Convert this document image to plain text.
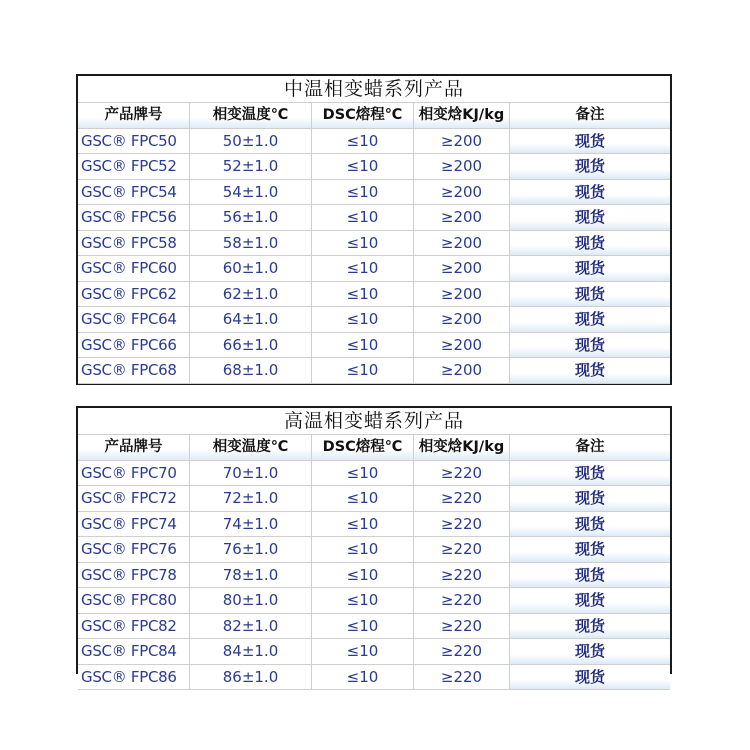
中温相变蜡系列产品
产品牌号	相变温度℃	DSC熔程℃	相变焓KJ/kg	备注
GSC® FPC50	50±1.0	≤10	≥200	现货
GSC® FPC52	52±1.0	≤10	≥200	现货
GSC® FPC54	54±1.0	≤10	≥200	现货
GSC® FPC56	56±1.0	≤10	≥200	现货
GSC® FPC58	58±1.0	≤10	≥200	现货
GSC® FPC60	60±1.0	≤10	≥200	现货
GSC® FPC62	62±1.0	≤10	≥200	现货
GSC® FPC64	64±1.0	≤10	≥200	现货
GSC® FPC66	66±1.0	≤10	≥200	现货
GSC® FPC68	68±1.0	≤10	≥200	现货
高温相变蜡系列产品
产品牌号	相变温度℃	DSC熔程℃	相变焓KJ/kg	备注
GSC® FPC70	70±1.0	≤10	≥220	现货
GSC® FPC72	72±1.0	≤10	≥220	现货
GSC® FPC74	74±1.0	≤10	≥220	现货
GSC® FPC76	76±1.0	≤10	≥220	现货
GSC® FPC78	78±1.0	≤10	≥220	现货
GSC® FPC80	80±1.0	≤10	≥220	现货
GSC® FPC82	82±1.0	≤10	≥220	现货
GSC® FPC84	84±1.0	≤10	≥220	现货
GSC® FPC86	86±1.0	≤10	≥220	现货
